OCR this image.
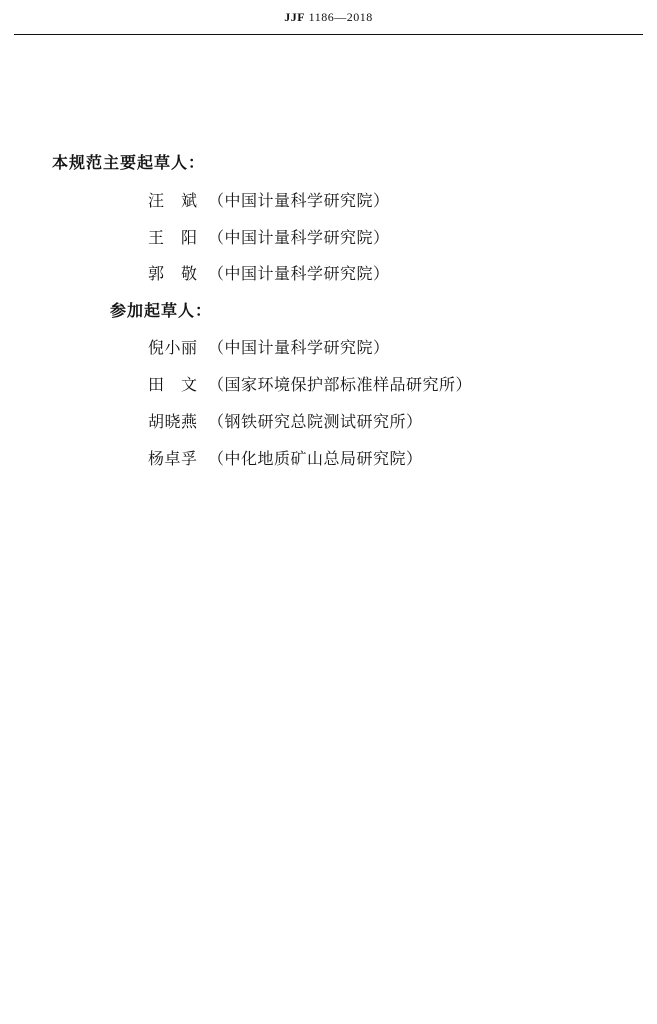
JJF 1186—2018
本规范主要起草人：
汪　斌 （中国计量科学研究院）
王　阳 （中国计量科学研究院）
郭　敬 （中国计量科学研究院）
参加起草人：
倪小丽 （中国计量科学研究院）
田　文 （国家环境保护部标准样品研究所）
胡晓燕 （钢铁研究总院测试研究所）
杨卓孚 （中化地质矿山总局研究院）
